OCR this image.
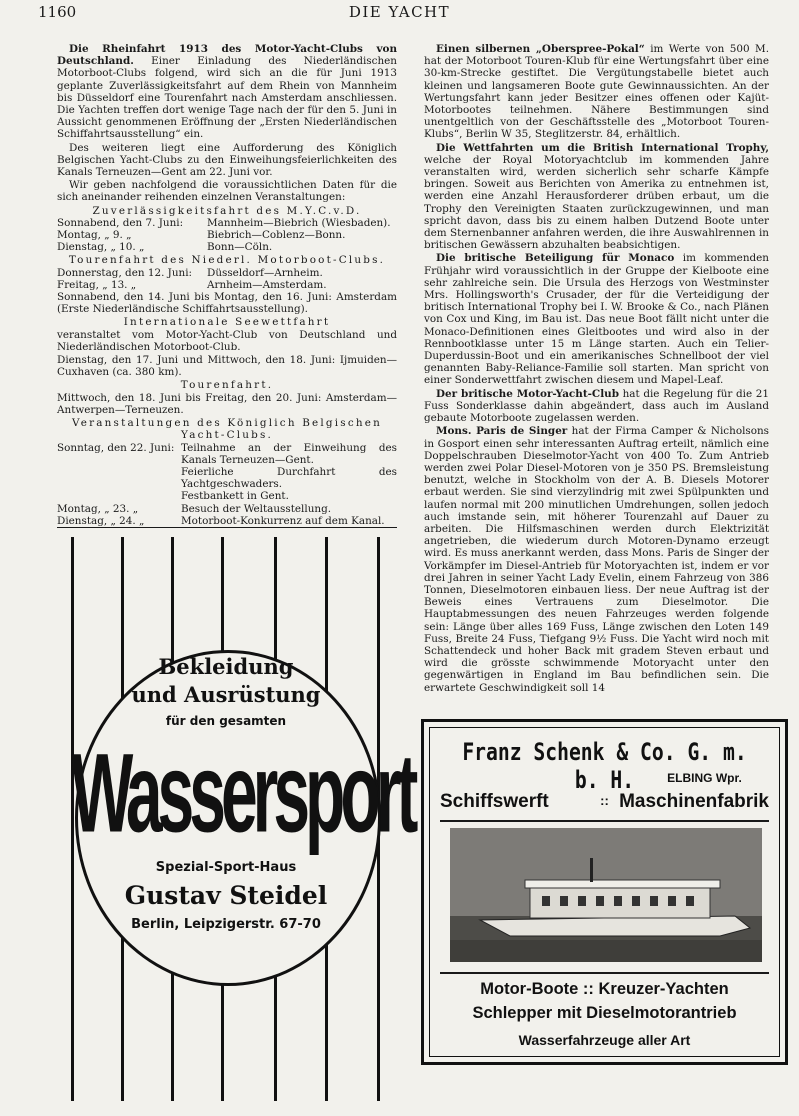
1160	DIE YACHT

Die Rheinfahrt 1913 des Motor-Yacht-Clubs von Deutschland. Einer Einladung des Niederländischen Motorboot-Clubs folgend, wird sich an die für Juni 1913 geplante Zuverlässigkeitsfahrt auf dem Rhein von Mannheim bis Düsseldorf eine Tourenfahrt nach Amsterdam anschliessen. Die Yachten treffen dort wenige Tage nach der für den 5. Juni in Aussicht genommenen Eröffnung der „Ersten Niederländischen Schiffahrtsausstellung“ ein.

Des weiteren liegt eine Aufforderung des Königlich Belgischen Yacht-Clubs zu den Einweihungsfeierlichkeiten des Kanals Terneuzen—Gent am 22. Juni vor.

Wir geben nachfolgend die voraussichtlichen Daten für die sich aneinander reihenden einzelnen Veranstaltungen:

Zuverlässigkeitsfahrt des M.Y.C.v.D.
Sonnabend, den 7. Juni:	Mannheim—Biebrich (Wiesbaden).
Montag, „ 9. „	Biebrich—Coblenz—Bonn.
Dienstag, „ 10. „	Bonn—Cöln.
Tourenfahrt des Niederl. Motorboot-Clubs.
Donnerstag, den 12. Juni:	Düsseldorf—Arnheim.
Freitag, „ 13. „	Arnheim—Amsterdam.

Sonnabend, den 14. Juni bis Montag, den 16. Juni: Amsterdam (Erste Niederländische Schiffahrtsausstellung).

Internationale Seewettfahrt

veranstaltet vom Motor-Yacht-Club von Deutschland und Niederländischen Motorboot-Club.

Dienstag, den 17. Juni und Mittwoch, den 18. Juni: Ijmuiden—Cuxhaven (ca. 380 km).

Tourenfahrt.

Mittwoch, den 18. Juni bis Freitag, den 20. Juni: Amsterdam—Antwerpen—Terneuzen.

Veranstaltungen des Königlich Belgischen Yacht-Clubs.
Sonntag, den 22. Juni: Teilnahme an der Einweihung des Kanals Terneuzen—Gent.
Feierliche Durchfahrt des Yachtgeschwaders.
Festbankett in Gent.
Montag, „ 23. „	Besuch der Weltausstellung.
Dienstag, „ 24. „	Motorboot-Konkurrenz auf dem Kanal.

Einen silbernen „Oberspree-Pokal“ im Werte von 500 M. hat der Motorboot Touren-Klub für eine Wertungsfahrt über eine 30-km-Strecke gestiftet. Die Vergütungstabelle bietet auch kleinen und langsameren Boote gute Gewinnaussichten. An der Wertungsfahrt kann jeder Besitzer eines offenen oder Kajüt-Motorbootes teilnehmen. Nähere Bestimmungen sind unentgeltlich von der Geschäftsstelle des „Motorboot Touren-Klubs“, Berlin W 35, Steglitzerstr. 84, erhältlich.

Die Wettfahrten um die British International Trophy, welche der Royal Motoryachtclub im kommenden Jahre veranstalten wird, werden sicherlich sehr scharfe Kämpfe bringen. Soweit aus Berichten von Amerika zu entnehmen ist, werden eine Anzahl Herausforderer drüben erbaut, um die Trophy den Vereinigten Staaten zurückzugewinnen, und man spricht davon, dass bis zu einem halben Dutzend Boote unter dem Sternenbanner anfahren werden, die ihre Auswahlrennen in britischen Gewässern abzuhalten beabsichtigen.

Die britische Beteiligung für Monaco im kommenden Frühjahr wird voraussichtlich in der Gruppe der Kielboote eine sehr zahlreiche sein. Die Ursula des Herzogs von Westminster Mrs. Hollingsworth's Crusader, der für die Verteidigung der britisch International Trophy bei I. W. Brooke & Co., nach Plänen von Cox und King, im Bau ist. Das neue Boot fällt nicht unter die Monaco-Definitionen eines Gleitbootes und wird also in der Rennbootklasse unter 15 m Länge starten. Auch ein Telier-Duperdussin-Boot und ein amerikanisches Schnellboot der viel genannten Baby-Reliance-Familie soll starten. Man spricht von einer Sonderwettfahrt zwischen diesem und Mapel-Leaf.

Der britische Motor-Yacht-Club hat die Regelung für die 21 Fuss Sonderklasse dahin abgeändert, dass auch im Ausland gebaute Motorboote zugelassen werden.

Mons. Paris de Singer hat der Firma Camper & Nicholsons in Gosport einen sehr interessanten Auftrag erteilt, nämlich eine Doppelschrauben Dieselmotor-Yacht von 400 To. Zum Antrieb werden zwei Polar Diesel-Motoren von je 350 PS. Bremsleistung benutzt, welche in Stockholm von der A. B. Diesels Motorer erbaut werden. Sie sind vierzylindrig mit zwei Spülpunkten und laufen normal mit 200 minutlichen Umdrehungen, sollen jedoch auch imstande sein, mit höherer Tourenzahl auf Dauer zu arbeiten. Die Hilfsmaschinen werden durch Elektrizität angetrieben, die wiederum durch Motoren-Dynamo erzeugt wird. Es muss anerkannt werden, dass Mons. Paris de Singer der Vorkämpfer im Diesel-Antrieb für Motoryachten ist, indem er vor drei Jahren in seiner Yacht Lady Evelin, einem Fahrzeug von 386 Tonnen, Dieselmotoren einbauen liess. Der neue Auftrag ist der Beweis eines Vertrauens zum Dieselmotor. Die Hauptabmessungen des neuen Fahrzeuges werden folgende sein: Länge über alles 169 Fuss, Länge zwischen den Loten 149 Fuss, Breite 24 Fuss, Tiefgang 9½ Fuss. Die Yacht wird noch mit Schattendeck und hoher Back mit gradem Steven erbaut und wird die grösste schwimmende Motoryacht unter den gegenwärtigen in England im Bau befindlichen sein. Die erwartete Geschwindigkeit soll 14

Bekleidung
und Ausrüstung
für den gesamten
Wassersport
Spezial-Sport-Haus
Gustav Steidel
Berlin, Leipzigerstr. 67-70
Franz Schenk & Co. G. m. b. H.	ELBING Wpr.
Schiffswerft	:: Maschinenfabrik
Motor-Boote :: Kreuzer-Yachten
Schlepper mit Dieselmotorantrieb
Wasserfahrzeuge aller Art
